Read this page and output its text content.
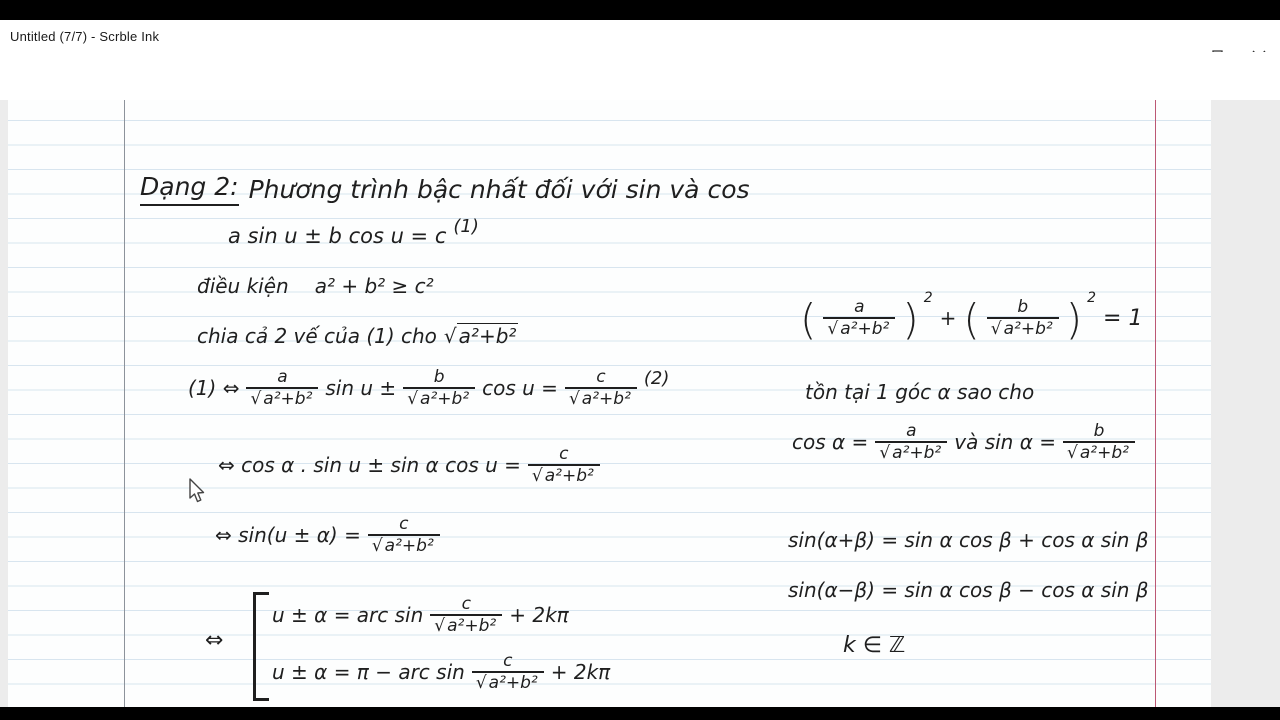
Untitled (7/7) - Scrble Ink
Dạng 2: Phương trình bậc nhất đối với sin và cos
a sin u ± b cos u = c (1)
điều kiện a² + b² ≥ c²
chia cả 2 vế của (1) cho √ a²+b²
(1) ⇔ $\frac{a}{\text{√ a²+b²}}$ $\sin u \pm \frac{b}{\text{√ a²+b²}}$ $\cos u = \frac{c}{\text{√ a²+b²}} (2)$
⇔ cos α . sin u ± sin α $\cos u = \frac{c}{\text{√ a²+b²}}$
⇔ $\sin(u \pm \alpha) = \frac{c}{\text{√ a²+b²}}$
⇔
u ± α = arc $\sin \frac{c}{\text{√ a²+b²}} + 2k\pi$
u ± α = π − arc $\sin \frac{c}{\text{√ a²+b²}} + 2k\pi$
( $\frac{a}{\text{√ a²+b²}}$ ) 2
+ ( $\frac{b}{\text{√ a²+b²}}$ ) 2
= 1
tồn tại 1 góc α sao cho
$\cos \alpha = \frac{a}{\text{√ a²+b²}}$ và $\sin \alpha = \frac{b}{\text{√ a²+b²}}$
sin(α+β) = sin α cos β + cos α sin β
sin(α−β) = sin α cos β − cos α sin β
k ∈ ℤ
